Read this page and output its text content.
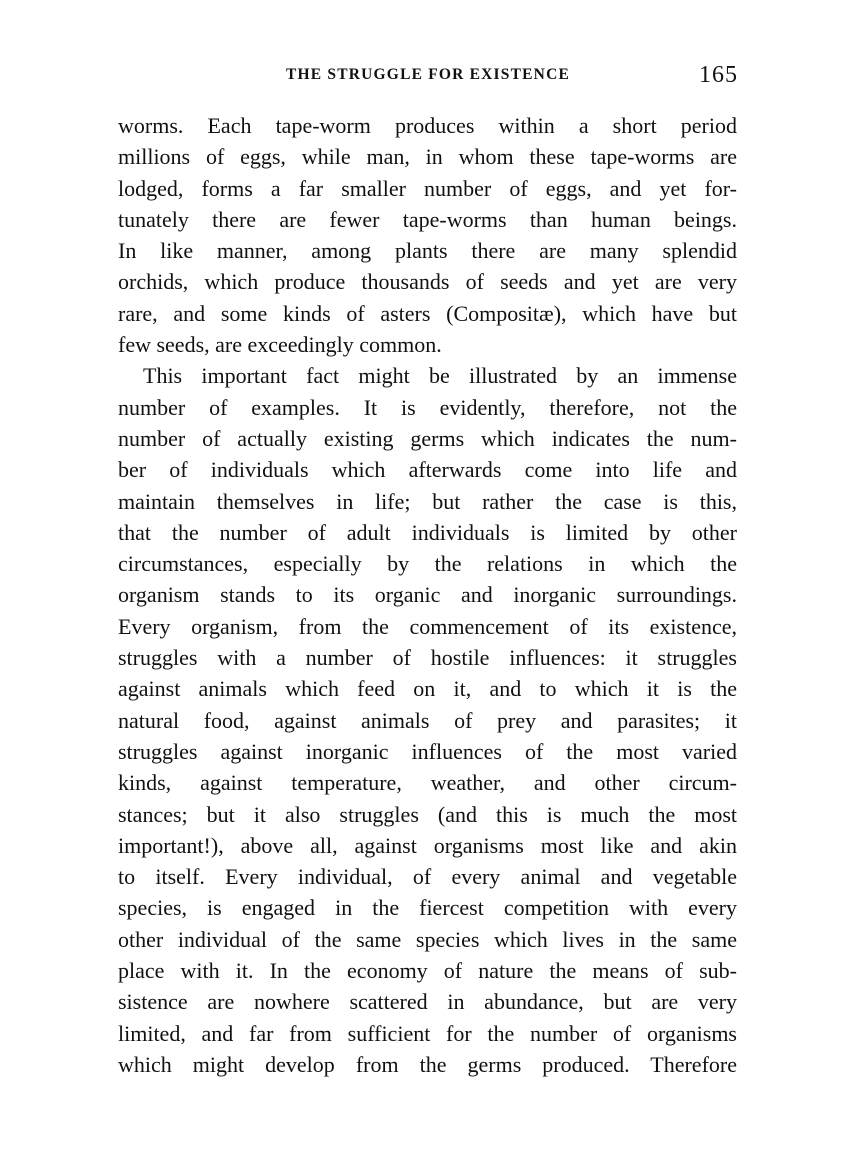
THE STRUGGLE FOR EXISTENCE	165
worms. Each tape-worm produces within a short period
millions of eggs, while man, in whom these tape-worms are
lodged, forms a far smaller number of eggs, and yet for-
tunately there are fewer tape-worms than human beings.
In like manner, among plants there are many splendid
orchids, which produce thousands of seeds and yet are very
rare, and some kinds of asters (Compositæ), which have but
few seeds, are exceedingly common.
This important fact might be illustrated by an immense
number of examples. It is evidently, therefore, not the
number of actually existing germs which indicates the num-
ber of individuals which afterwards come into life and
maintain themselves in life; but rather the case is this,
that the number of adult individuals is limited by other
circumstances, especially by the relations in which the
organism stands to its organic and inorganic surroundings.
Every organism, from the commencement of its existence,
struggles with a number of hostile influences: it struggles
against animals which feed on it, and to which it is the
natural food, against animals of prey and parasites; it
struggles against inorganic influences of the most varied
kinds, against temperature, weather, and other circum-
stances; but it also struggles (and this is much the most
important!), above all, against organisms most like and akin
to itself. Every individual, of every animal and vegetable
species, is engaged in the fiercest competition with every
other individual of the same species which lives in the same
place with it. In the economy of nature the means of sub-
sistence are nowhere scattered in abundance, but are very
limited, and far from sufficient for the number of organisms
which might develop from the germs produced. Therefore
